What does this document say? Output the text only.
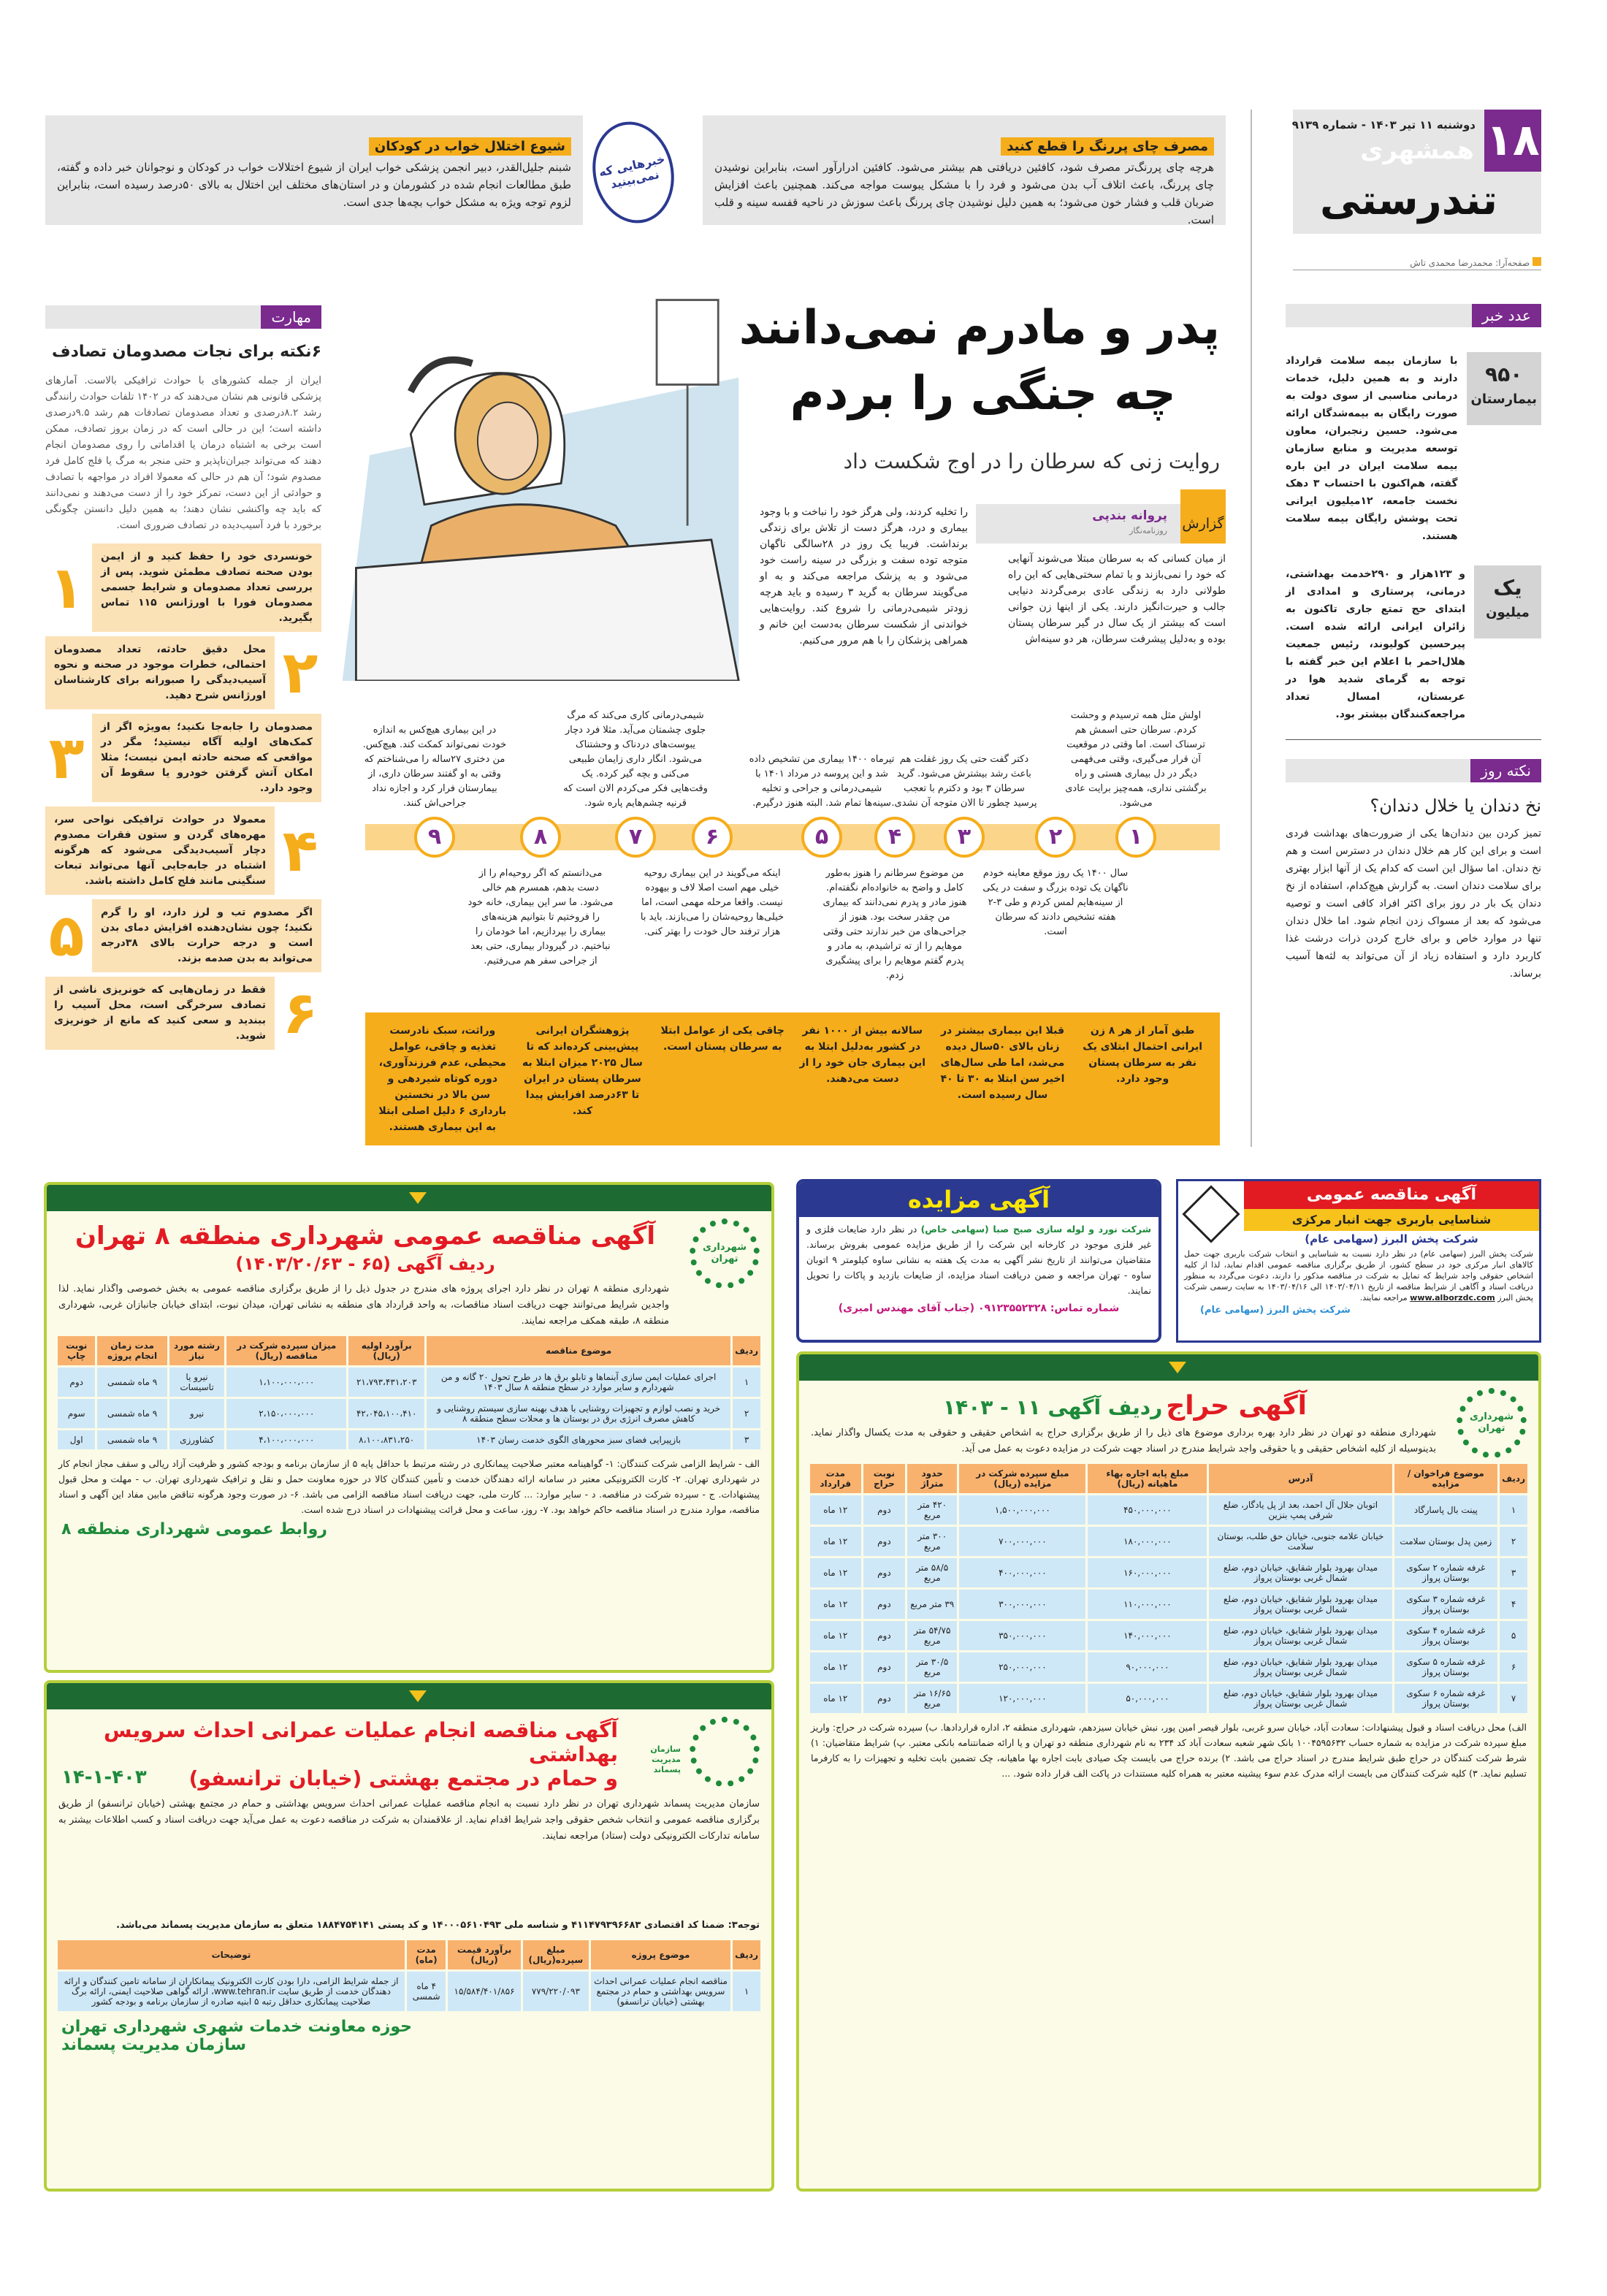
۱۸
دوشنبه ۱۱ تیر ۱۴۰۳ - شماره ۹۱۳۹
همشهری
تندرستی
صفحه‌آرا: محمدرضا محمدی تاش
مصرف چای پررنگ را قطع کنید
هرچه چای پررنگ‌تر مصرف شود، کافئین دریافتی هم بیشتر می‌شود. کافئین ادرارآور است، بنابراین نوشیدن چای پررنگ، باعث اتلاف آب بدن می‌شود و فرد را با مشکل یبوست مواجه می‌کند. همچنین باعث افزایش ضربان قلب و فشار خون می‌شود؛ به همین دلیل نوشیدن چای پررنگ باعث سوزش در ناحیه قفسه سینه و قلب است.
خبرهایی که نمی‌بینید
شیوع اختلال خواب در کودکان
شبنم جلیل‌القدر، دبیر انجمن پزشکی خواب ایران از شیوع اختلالات خواب در کودکان و نوجوانان خبر داده و گفته، طبق مطالعات انجام شده در کشورمان و در استان‌های مختلف این اختلال به بالای ۵۰درصد رسیده است، بنابراین لزوم توجه ویژه به مشکل خواب بچه‌ها جدی است.
عدد خبر
۹۵۰
بیمارستان
با سازمان بیمه سلامت قرارداد دارند و به همین دلیل، خدمات درمانی مناسبی از سوی دولت به صورت رایگان به بیمه‌شدگان ارائه می‌شود. حسین رنجبران، معاون توسعه مدیریت و منابع سازمان بیمه سلامت ایران در این باره گفته، هم‌اکنون با احتساب ۳ دهک نخست جامعه، ۱۲میلیون ایرانی تحت پوشش رایگان بیمه سلامت هستند.
یک
میلیون
و ۱۲۳هزار و ۲۹۰خدمت بهداشتی، درمانی، پرستاری و امدادی از ابتدای حج تمتع جاری تاکنون به زائران ایرانی ارائه شده است. پیرحسین کولیوند، رئیس جمعیت هلال‌احمر با اعلام این خبر گفته با توجه به گرمای شدید هوا در عربستان، امسال تعداد مراجعه‌کنندگان بیشتر بود.
نکته روز
نخ دندان یا خلال دندان؟
تمیز کردن بین دندان‌ها یکی از ضرورت‌های بهداشت فردی است و برای این کار هم خلال دندان در دسترس است و هم نخ دندان. اما سؤال این است که کدام یک از آنها ابزار بهتری برای سلامت دندان است. به گزارش هیچ‌کدام، استفاده از نخ دندان یک بار در روز برای اکثر افراد کافی است و توصیه می‌شود که بعد از مسواک زدن انجام شود. اما خلال دندان تنها در موارد خاص و برای خارج کردن ذرات درشت غذا کاربرد دارد و استفاده زیاد از آن می‌تواند به لثه‌ها آسیب برساند.
پدر و مادرم نمی‌دانند
چه جنگی را بردم
روایت زنی که سرطان را در اوج شکست داد
گزارش
پروانه بندپی
روزنامه‌نگار
از میان کسانی که به سرطان مبتلا می‌شوند آنهایی که خود را نمی‌بازند و با تمام سختی‌هایی که این راه طولانی دارد به زندگی عادی برمی‌گردند دنیایی جالب و حیرت‌انگیز دارند. یکی از اینها زن جوانی است که بیشتر از یک سال در گیر سرطان پستان بوده و به‌دلیل پیشرفت سرطان، هر دو سینه‌اش
را تخلیه کردند، ولی هرگز خود را نباخت و با وجود بیماری و درد، هرگز دست از تلاش برای زندگی برنداشت. فریبا یک روز در ۲۸سالگی ناگهان متوجه توده سفت و بزرگی در سینه راست خود می‌شود و به پزشک مراجعه می‌کند و به او می‌گویند سرطان به گرید ۳ رسیده و باید هرچه زودتر شیمی‌درمانی را شروع کند. روایت‌هایی خواندنی از شکست سرطان به‌دست این خانم و همراهی پزشکان را با هم مرور می‌کنیم.
۱
اولش مثل همه ترسیدم و وحشت کردم. سرطان حتی اسمش هم ترسناک است. اما وقتی در موقعیت آن قرار می‌گیری، وقتی می‌فهمی دیگر در دل بیماری هستی و راه برگشتی نداری، همه‌چیز برایت عادی می‌شود.
۲
سال ۱۴۰۰ یک روز موقع معاینه خودم ناگهان یک توده بزرگ و سفت در یکی از سینه‌هایم لمس کردم و طی ۳-۲ هفته تشخیص دادند که سرطان است.
۳
دکتر گفت حتی یک روز غفلت هم باعث رشد بیشترش می‌شود. گرید سرطان ۳ بود و دکترم با تعجب پرسید چطور تا الان متوجه آن نشدی.
۴
من موضوع سرطانم را هنوز به‌طور کامل و واضح به خانواده‌ام نگفته‌ام. هنوز مادر و پدرم نمی‌دانند که بیماری من چقدر سخت بود. هنوز از جراحی‌های من خبر ندارند حتی وقتی موهایم را از ته تراشیدم، به مادر و پدرم گفتم موهایم را برای پیشگیری زدم.
۵
تیرماه ۱۴۰۰ بیماری من تشخیص داده شد و این پروسه در مرداد ۱۴۰۱ با شیمی‌درمانی و جراحی و تخلیه سینه‌ها تمام شد. البته هنوز درگیرم.
۶
اینکه می‌گویند در این بیماری روحیه خیلی مهم است اصلا لاف و بیهوده نیست. واقعا مرحله مهمی است، اما خیلی‌ها روحیه‌شان را می‌بازند. باید با هزار ترفند حال خودت را بهتر کنی.
۷
شیمی‌درمانی کاری می‌کند که مرگ جلوی چشمتان می‌آید. مثلا فرد دچار یبوست‌های دردناک و وحشتناک می‌شود. انگار داری زایمان طبیعی می‌کنی و بچه گیر کرده. یک وقت‌هایی فکر می‌کردم الان است که قرنیه چشم‌هایم پاره شود.
۸
می‌دانستم که اگر روحیه‌ام را از دست بدهم، همسرم هم خالی می‌شود. ما سر این بیماری، خانه خود را فروختیم تا بتوانیم هزینه‌های بیماری را بپردازیم، اما خودمان را نباختیم. در گیرودار بیماری، حتی بعد از جراحی سفر هم می‌رفتیم.
۹
در این بیماری هیچ‌کس به اندازه خودت نمی‌تواند کمکت کند. هیچ‌کس. من دختری ۲۷ساله را می‌شناختم که وقتی به او گفتند سرطان داری، از بیمارستان فرار کرد و اجازه نداد جراحی‌اش کنند.
طبق آمار از هر ۸ زن ایرانی احتمال ابتلای یک نفر به سرطان پستان وجود دارد.
قبلا این بیماری بیشتر در زنان بالای ۵۰سال دیده می‌شد، اما طی سال‌های اخیر سن ابتلا به ۳۰ تا ۴۰ سال رسیده است.
سالانه بیش از ۱۰۰۰ نفر در کشور به‌دلیل ابتلا به این بیماری جان خود را از دست می‌دهند.
چاقی یکی از عوامل ابتلا به سرطان پستان است.
پژوهشگران ایرانی پیش‌بینی کرده‌اند که تا سال ۲۰۲۵ میزان ابتلا به سرطان پستان در ایران تا ۶۳درصد افزایش پیدا کند.
وراثت، سبک نادرست تغذیه و چاقی، عوامل محیطی، عدم فرزندآوری، دوره کوتاه شیردهی و سن بالا در نخستین بارداری ۶ دلیل اصلی ابتلا به این بیماری هستند.
مهارت
۶نکته برای نجات مصدومان تصادف
ایران از جمله کشورهای با حوادث ترافیکی بالاست. آمارهای پزشکی قانونی هم نشان می‌دهند که در ۱۴۰۲ تلفات حوادث رانندگی رشد ۸.۲درصدی و تعداد مصدومان تصادفات هم رشد ۹.۵درصدی داشته است؛ این در حالی است که در زمان بروز تصادف، ممکن است برخی به اشتباه درمان یا اقداماتی را روی مصدومان انجام دهند که می‌تواند جبران‌ناپذیر و حتی منجر به مرگ یا فلج کامل فرد مصدوم شود؛ آن هم در حالی که معمولا افراد در مواجهه با تصادف و حوادثی از این دست، تمرکز خود را از دست می‌دهند و نمی‌دانند که باید چه واکنشی نشان دهند؛ به همین دلیل دانستن چگونگی برخورد با فرد آسیب‌دیده در تصادف ضروری است.
خونسردی خود را حفظ کنید و از ایمن بودن صحنه تصادف مطمئن شوید. پس از بررسی تعداد مصدومان و شرایط جسمی مصدومان فورا با اورژانس ۱۱۵ تماس بگیرید.
۱
محل دقیق حادثه، تعداد مصدومان احتمالی، خطرات موجود در صحنه و نحوه آسیب‌دیدگی را صبورانه برای کارشناسان اورژانس شرح دهید. ۲
مصدومان را جابه‌جا نکنید؛ به‌ویژه اگر از کمک‌های اولیه آگاه نیستید؛ مگر در مواقعی که صحنه حادثه ایمن نیست؛ مثلا امکان آتش گرفتن خودرو یا سقوط آن وجود دارد.
۳
معمولا در حوادث ترافیکی نواحی سر، مهره‌های گردن و ستون فقرات مصدوم دچار آسیب‌دیدگی می‌شود که هرگونه اشتباه در جابه‌جایی آنها می‌تواند تبعات سنگینی مانند فلج کامل داشته باشد. ۴
اگر مصدوم تب و لرز دارد، او را گرم نکنید؛ چون نشان‌دهنده افزایش دمای بدن است و درجه حرارت بالای ۳۸درجه می‌تواند به بدن صدمه بزند.
۵
فقط در زمان‌هایی که خونریزی ناشی از تصادف سرخرگی است، محل آسیب را ببندید و سعی کنید که مانع از خونریزی شوید. ۶
شهرداری تهران
آگهی مناقصه عمومی شهرداری منطقه ۸ تهران
ردیف آگهی (۶۵ - ۱۴۰۳/۲۰/۶۳)
شهرداری منطقه ۸ تهران در نظر دارد اجرای پروژه های مندرج در جدول ذیل را از طریق برگزاری مناقصه عمومی به بخش خصوصی واگذار نماید. لذا واجدین شرایط می‌توانند جهت دریافت اسناد مناقصات، به واحد قرارداد های منطقه به نشانی تهران، میدان نبوت، ابتدای خیابان جانبازان غربی، شهرداری منطقه ۸، طبقه همکف مراجعه نمایند.
ردیف	موضوع مناقصه	برآورد اولیه (ریال)	میزان سپرده شرکت در مناقصه (ریال)	رشته مورد نیاز	مدت زمان انجام پروژه	نوبت چاپ
۱	اجرای عملیات ایمن سازی آبنماها و تابلو برق ها در طرح تحول ۲۰ گانه و من شهردارم و سایر موارد در سطح منطقه ۸ سال ۱۴۰۳	۲۱،۷۹۳،۴۳۱،۲۰۳	۱،۱۰۰،۰۰۰،۰۰۰	نیرو یا تاسیسات	۹ ماه شمسی	دوم
۲	خرید و نصب لوازم و تجهیزات روشنایی با هدف بهینه سازی سیستم روشنایی و کاهش مصرف انرژی برق در بوستان ها و محلات سطح منطقه ۸	۴۲،۰۴۵،۱۰۰،۴۱۰	۲،۱۵۰،۰۰۰،۰۰۰	نیرو	۹ ماه شمسی	سوم
۳	بازپیرایی فضای سبز محورهای الگوی خدمت رسان ۱۴۰۳	۸،۱۰۰،۸۳۱،۲۵۰	۴،۱۰۰،۰۰۰،۰۰۰	کشاورزی	۹ ماه شمسی	اول
الف - شرایط الزامی شرکت کنندگان: ۱- گواهینامه معتبر صلاحیت پیمانکاری در رشته مرتبط با حداقل پایه ۵ از سازمان برنامه و بودجه کشور و ظرفیت آزاد ریالی و سقف مجاز انجام کار در شهرداری تهران. ۲- کارت الکترونیکی معتبر در سامانه ارائه دهندگان خدمت و تأمین کنندگان کالا در حوزه معاونت حمل و نقل و ترافیک شهرداری تهران. ب - مهلت و محل قبول پیشنهادات. ج - سپرده شرکت در مناقصه. د - سایر موارد: ... کارت ملی، جهت دریافت اسناد مناقصه الزامی می باشد. ۶- در صورت وجود هرگونه تناقض مابین مفاد این آگهی و اسناد مناقصه، موارد مندرج در اسناد مناقصه حاکم خواهد بود. ۷- روز، ساعت و محل قرائت پیشنهادات در اسناد درج شده است.
روابط عمومی شهرداری منطقه ۸
سازمان مدیریت پسماند
آگهی مناقصه انجام عملیات عمرانی احداث سرویس بهداشتی
و حمام در مجتمع بهشتی (خیابان ترانسفو)
۱۴-۱-۴۰۳
سازمان مدیریت پسماند شهرداری تهران در نظر دارد نسبت به انجام مناقصه عملیات عمرانی احداث سرویس بهداشتی و حمام در مجتمع بهشتی (خیابان ترانسفو) از طریق برگزاری مناقصه عمومی و انتخاب شخص حقوقی واجد شرایط اقدام نماید. از علاقمندان به شرکت در مناقصه دعوت به عمل می‌آید جهت دریافت اسناد و کسب اطلاعات بیشتر به سامانه تدارکات الکترونیکی دولت (ستاد) مراجعه نمایند.
توجه۳: ضمنا کد اقتصادی ۴۱۱۴۷۹۳۹۶۶۸۳ و شناسه ملی ۱۴۰۰۰۵۶۱۰۴۹۳ و کد پستی ۱۸۸۴۷۵۴۱۴۱ متعلق به سازمان مدیریت پسماند می‌باشد.
ردیف	موضوع پروژه	مبلغ سپرده(ریال)	برآورد قیمت (ریال)	مدت (ماه)	توضیحات
۱	مناقصه انجام عملیات عمرانی احداث سرویس بهداشتی و حمام در مجتمع بهشتی (خیابان ترانسفو)	۷۷۹/۲۲۰/۰۹۳	۱۵/۵۸۴/۴۰۱/۸۵۶	۴ ماه شمسی	از جمله شرایط الزامی، دارا بودن کارت الکترونیک پیمانکاران از سامانه تامین کنندگان و ارائه دهندگان خدمت از طریق سایت www.tehran.ir، ارائه گواهی صلاحیت ایمنی، ارائه برگ صلاحیت پیمانکاری حداقل رتبه ۵ ابنیه صادره از سازمان برنامه و بودجه کشور
حوزه معاونت خدمات شهری شهرداری تهران
سازمان مدیریت پسماند
آگهی مزایده
شرکت نورد و لوله سازی صبح صبا (سهامی خاص) در نظر دارد ضایعات فلزی و غیر فلزی موجود در کارخانه این شرکت را از طریق مزایده عمومی بفروش برساند. متقاضیان می‌توانند از تاریخ نشر آگهی به مدت یک هفته به نشانی ساوه کیلومتر ۹ اتوبان ساوه - تهران مراجعه و ضمن دریافت اسناد مزایده، از ضایعات بازدید و پاکات را تحویل نمایند.
شماره تماس: ۰۹۱۲۳۵۵۲۳۲۸ (جناب آقای مهندس امیری)
آگهی مناقصه عمومی
شناسایی باربری جهت انبار مرکزی
شرکت پخش البرز (سهامی عام)
شرکت پخش البرز (سهامی عام) در نظر دارد نسبت به شناسایی و انتخاب شرکت باربری جهت حمل کالاهای انبار مرکزی خود در سطح کشور، از طریق برگزاری مناقصه عمومی اقدام نماید، لذا از کلیه اشخاص حقوقی واجد شرایط که تمایل به شرکت در مناقصه مذکور را دارند، دعوت می‌گردد به منظور دریافت اسناد و آگاهی از شرایط مناقصه از تاریخ ۱۴۰۳/۰۴/۱۱ الی ۱۴۰۳/۰۴/۱۶ به سایت رسمی شرکت پخش البرز www.alborzdc.com مراجعه نمایند.
شرکت پخش البرز (سهامی عام)
شهرداری تهران
آگهی حراج ردیف آگهی ۱۱ - ۱۴۰۳
شهرداری منطقه دو تهران در نظر دارد بهره برداری موضوع های ذیل را از طریق برگزاری حراج به اشخاص حقیقی و حقوقی به مدت یکسال واگذار نماید. بدینوسیله از کلیه اشخاص حقیقی و یا حقوقی واجد شرایط مندرج در اسناد جهت شرکت در مزایده دعوت به عمل می آید.
ردیف	موضوع فراخوان / مزایده	آدرس	مبلغ پایه اجاره بهاء ماهیانه (ریال)	مبلغ سپرده شرکت در مزایده (ریال)	حدود متراژ	نوبت حراج	مدت قرارداد
۱	پینت بال پاسارگاد	اتوبان جلال آل احمد، بعد از پل یادگار، ضلع شرقی پمپ بنزین	۴۵۰,۰۰۰,۰۰۰	۱,۵۰۰,۰۰۰,۰۰۰	۴۲۰ متر مربع	دوم	۱۲ ماه
۲	زمین پدل بوستان سلامت	خیابان علامه جنوبی، خیابان حق طلب، بوستان سلامت	۱۸۰,۰۰۰,۰۰۰	۷۰۰,۰۰۰,۰۰۰	۳۰۰ متر مربع	دوم	۱۲ ماه
۳	غرفه شماره ۲ سکوی بوستان پرواز	میدان بهرود بلوار شقایق، خیابان دوم، ضلع شمال غربی بوستان پرواز	۱۶۰,۰۰۰,۰۰۰	۴۰۰,۰۰۰,۰۰۰	۵۸/۵ متر مربع	دوم	۱۲ ماه
۴	غرفه شماره ۳ سکوی بوستان پرواز	میدان بهرود بلوار شقایق، خیابان دوم، ضلع شمال غربی بوستان پرواز	۱۱۰,۰۰۰,۰۰۰	۳۰۰,۰۰۰,۰۰۰	۳۹ متر مربع	دوم	۱۲ ماه
۵	غرفه شماره ۴ سکوی بوستان پرواز	میدان بهرود بلوار شقایق، خیابان دوم، ضلع شمال غربی بوستان پرواز	۱۴۰,۰۰۰,۰۰۰	۳۵۰,۰۰۰,۰۰۰	۵۴/۷۵ متر مربع	دوم	۱۲ ماه
۶	غرفه شماره ۵ سکوی بوستان پرواز	میدان بهرود بلوار شقایق، خیابان دوم، ضلع شمال غربی بوستان پرواز	۹۰,۰۰۰,۰۰۰	۲۵۰,۰۰۰,۰۰۰	۳۰/۵ متر مربع	دوم	۱۲ ماه
۷	غرفه شماره ۶ سکوی بوستان پرواز	میدان بهرود بلوار شقایق، خیابان دوم، ضلع شمال غربی بوستان پرواز	۵۰,۰۰۰,۰۰۰	۱۲۰,۰۰۰,۰۰۰	۱۶/۶۵ متر مربع	دوم	۱۲ ماه
الف) محل دریافت اسناد و قبول پیشنهادات: سعادت آباد، خیابان سرو غربی، بلوار قیصر امین پور، نبش خیابان سیزدهم، شهرداری منطقه ۲، اداره قراردادها. ب) سپرده شرکت در حراج: واریز مبلغ سپرده شرکت در مزایده به شماره حساب ۱۰۰۴۵۹۵۶۳۲ بانک شهر شعبه سعادت آباد کد ۲۳۴ به نام شهرداری منطقه دو تهران و یا ارائه ضمانتنامه بانکی معتبر. پ) شرایط متقاضیان: ۱) شرط شرکت کنندگان در حراج طبق شرایط مندرج در اسناد حراج می باشد. ۲) برنده حراج می بایست چک صیادی بابت اجاره بها ماهیانه، چک تضمین بابت تخلیه و تجهیزات را به کارفرما تسلیم نماید. ۳) کلیه شرکت کنندگان می بایست ارائه مدرک عدم سوء پیشینه معتبر به همراه کلیه مستندات در پاکت الف قرار داده شود. ...
